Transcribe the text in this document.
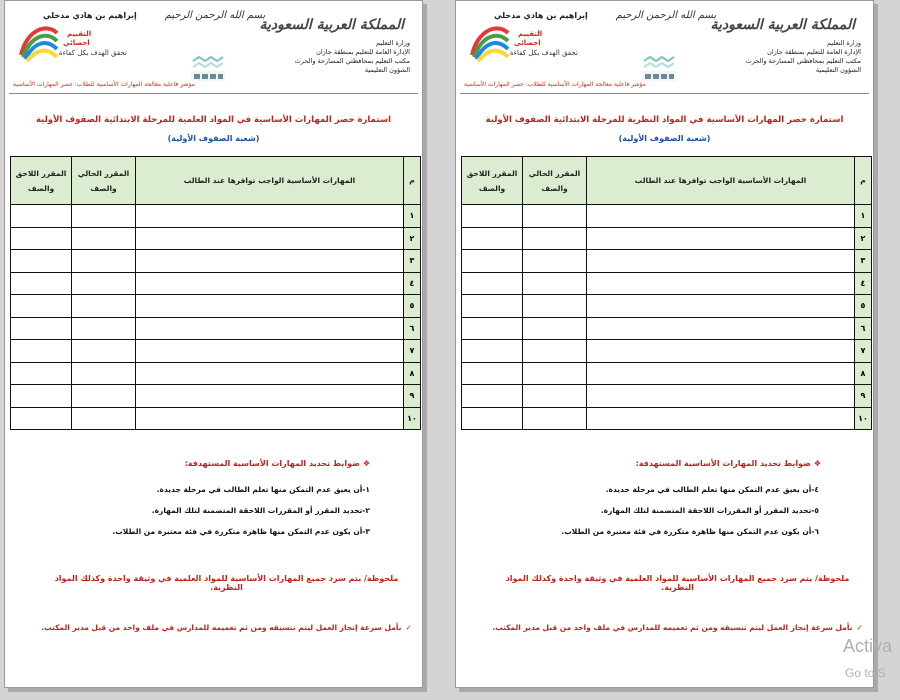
بسم الله الرحمن الرحيم
المملكة العربية السعودية
وزارة التعليم
الإدارة العامة للتعليم بمنطقة جازان
مكتب التعليم بمحافظتي المسارحة والحرث
الشؤون التعليمية
إبراهيم بن هادي مدخلي
التقييم
احصائي
تحقق الهدف بكل كفاءة
مؤشر فاعلية معالجة المهارات الأساسية للطلاب: حصر المهارات الأساسية
استمارة حصر المهارات الأساسية في المواد العلمية للمرحلة الابتدائية الصفوف الأولية
(شعبة الصفوف الأولية)
م	المهارات الأساسية الواجب توافرها عند الطالب	المقرر الحالي والصف	المقرر اللاحق والصف
١			
٢			
٣			
٤			
٥			
٦			
٧			
٨			
٩			
١٠			
❖ضوابط تحديد المهارات الأساسية المستهدفة:
١-أن يعيق عدم التمكن منها تعلم الطالب في مرحلة جديدة.
٢-تحديد المقرر أو المقررات اللاحقة المتضمنة لتلك المهارة.
٣-أن يكون عدم التمكن منها ظاهرة متكررة في فئة معتبرة من الطلاب.
ملحوظة/ يتم سرد جميع المهارات الأساسية للمواد العلمية في وثيقة واحدة وكذلك المواد النظرية.
✓نأمل سرعة إنجاز العمل ليتم تنسيقه ومن ثم تعميمه للمدارس في ملف واحد من قبل مدير المكتب.
بسم الله الرحمن الرحيم
المملكة العربية السعودية
وزارة التعليم
الإدارة العامة للتعليم بمنطقة جازان
مكتب التعليم بمحافظتي المسارحة والحرث
الشؤون التعليمية
إبراهيم بن هادي مدخلي
التقييم
احصائي
تحقق الهدف بكل كفاءة
مؤشر فاعلية معالجة المهارات الأساسية للطلاب: حصر المهارات الأساسية
استمارة حصر المهارات الأساسية في المواد النظرية للمرحلة الابتدائية الصفوف الأولية
(شعبة الصفوف الأولية)
م	المهارات الأساسية الواجب توافرها عند الطالب	المقرر الحالي والصف	المقرر اللاحق والصف
١			
٢			
٣			
٤			
٥			
٦			
٧			
٨			
٩			
١٠			
❖ضوابط تحديد المهارات الأساسية المستهدفة:
٤-أن يعيق عدم التمكن منها تعلم الطالب في مرحلة جديدة.
٥-تحديد المقرر أو المقررات اللاحقة المتضمنة لتلك المهارة.
٦-أن يكون عدم التمكن منها ظاهرة متكررة في فئة معتبرة من الطلاب.
ملحوظة/ يتم سرد جميع المهارات الأساسية للمواد العلمية في وثيقة واحدة وكذلك المواد النظرية.
✓نأمل سرعة إنجاز العمل ليتم تنسيقه ومن ثم تعميمه للمدارس في ملف واحد من قبل مدير المكتب.
Activa
Go to S
